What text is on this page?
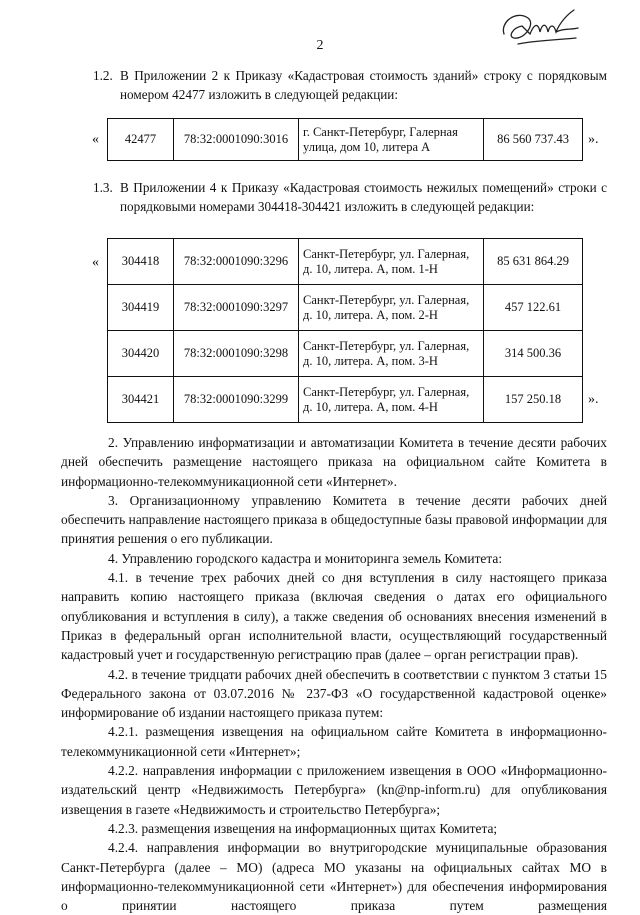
2
1.2. В Приложении 2 к Приказу «Кадастровая стоимость зданий» строку с порядковым номером 42477 изложить в следующей редакции:
« 42477	78:32:0001090:3016	г. Санкт-Петербург, Галерная улица, дом 10, литера А	86 560 737.43 ».
1.3. В Приложении 4 к Приказу «Кадастровая стоимость нежилых помещений» строки с порядковыми номерами 304418-304421 изложить в следующей редакции:
« 304418	78:32:0001090:3296	Санкт-Петербург, ул. Галерная, д. 10, литера. А, пом. 1-Н	85 631 864.29
304419	78:32:0001090:3297	Санкт-Петербург, ул. Галерная, д. 10, литера. А, пом. 2-Н	457 122.61
304420	78:32:0001090:3298	Санкт-Петербург, ул. Галерная, д. 10, литера. А, пом. 3-Н	314 500.36
304421	78:32:0001090:3299	Санкт-Петербург, ул. Галерная, д. 10, литера. А, пом. 4-Н	157 250.18 ».

2. Управлению информатизации и автоматизации Комитета в течение десяти рабочих дней обеспечить размещение настоящего приказа на официальном сайте Комитета в информационно-телекоммуникационной сети «Интернет».

3. Организационному управлению Комитета в течение десяти рабочих дней обеспечить направление настоящего приказа в общедоступные базы правовой информации для принятия решения о его публикации.

4. Управлению городского кадастра и мониторинга земель Комитета:

4.1. в течение трех рабочих дней со дня вступления в силу настоящего приказа направить копию настоящего приказа (включая сведения о датах его официального опубликования и вступления в силу), а также сведения об основаниях внесения изменений в Приказ в федеральный орган исполнительной власти, осуществляющий государственный кадастровый учет и государственную регистрацию прав (далее – орган регистрации прав).

4.2. в течение тридцати рабочих дней обеспечить в соответствии с пунктом 3 статьи 15 Федерального закона от 03.07.2016 № 237-ФЗ «О государственной кадастровой оценке» информирование об издании настоящего приказа путем:

4.2.1. размещения извещения на официальном сайте Комитета в информационно-телекоммуникационной сети «Интернет»;

4.2.2. направления информации с приложением извещения в ООО «Информационно-издательский центр «Недвижимость Петербурга» (kn@np-inform.ru) для опубликования извещения в газете «Недвижимость и строительство Петербурга»;

4.2.3. размещения извещения на информационных щитах Комитета;

4.2.4. направления информации во внутригородские муниципальные образования Санкт-Петербурга (далее – МО) (адреса МО указаны на официальных сайтах МО в информационно-телекоммуникационной сети «Интернет») для обеспечения информирования о принятии настоящего приказа путем размещения
